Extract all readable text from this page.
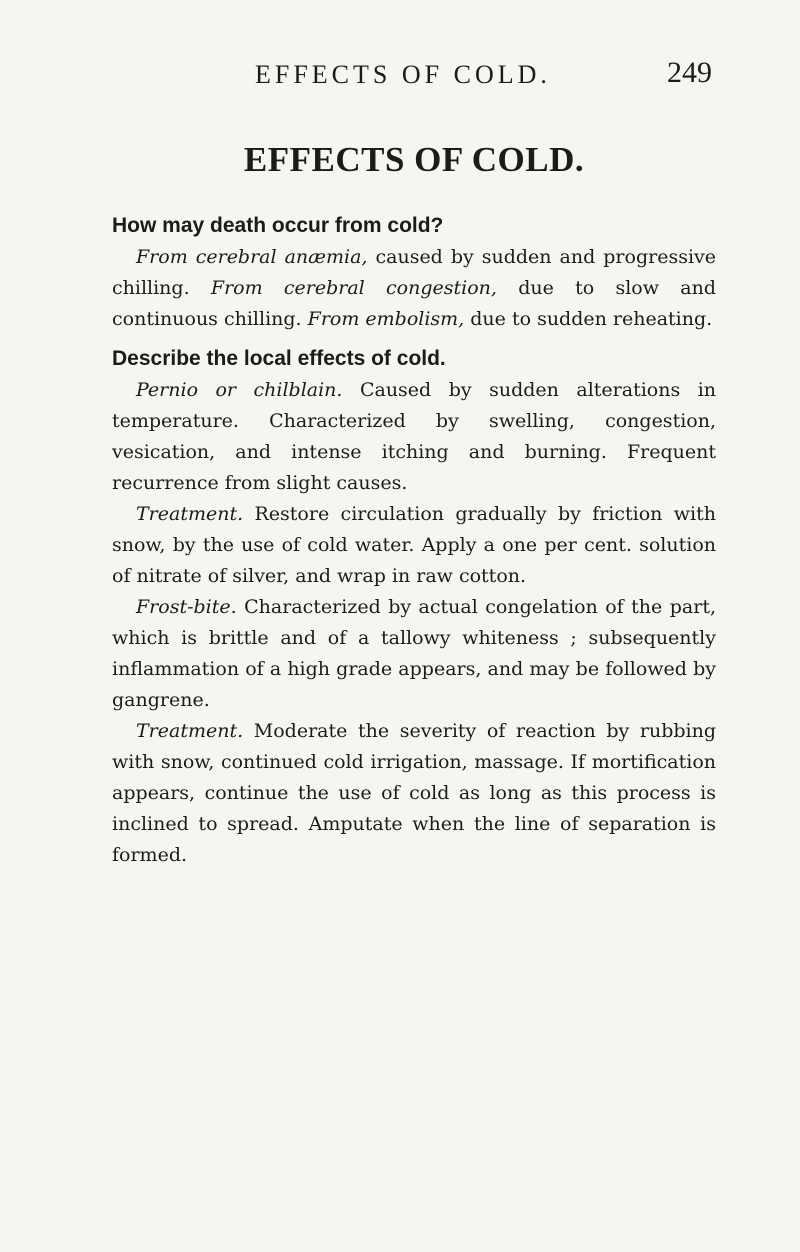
EFFECTS OF COLD.	249
EFFECTS OF COLD.

How may death occur from cold?

From cerebral anæmia, caused by sudden and progressive chilling. From cerebral congestion, due to slow and continuous chilling. From embolism, due to sudden reheating.

Describe the local effects of cold.

Pernio or chilblain. Caused by sudden alterations in temperature. Characterized by swelling, congestion, vesication, and intense itching and burning. Frequent recurrence from slight causes.

Treatment. Restore circulation gradually by friction with snow, by the use of cold water. Apply a one per cent. solution of nitrate of silver, and wrap in raw cotton.

Frost-bite. Characterized by actual congelation of the part, which is brittle and of a tallowy whiteness ; subsequently inflammation of a high grade appears, and may be followed by gangrene.

Treatment. Moderate the severity of reaction by rubbing with snow, continued cold irrigation, massage. If mortification appears, continue the use of cold as long as this process is inclined to spread. Amputate when the line of separation is formed.
